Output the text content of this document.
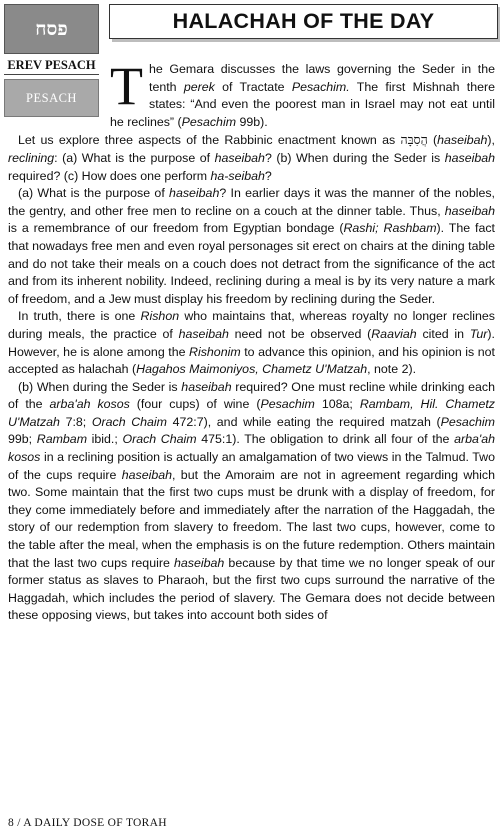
פסח	HALACHAH OF THE DAY
EREV PESACH
PESACH The Gemara discusses the laws governing the Seder in the tenth perek of Tractate Pesachim. The first Mishnah there states: “And even the poorest man in Israel may not eat until he reclines” (Pesachim 99b).

Let us explore three aspects of the Rabbinic enactment known as הֲסִבָּה (haseibah), reclining: (a) What is the purpose of haseibah? (b) When during the Seder is haseibah required? (c) How does one perform ha-seibah?

(a) What is the purpose of haseibah? In earlier days it was the manner of the nobles, the gentry, and other free men to recline on a couch at the dinner table. Thus, haseibah is a remembrance of our freedom from Egyptian bondage (Rashi; Rashbam). The fact that nowadays free men and even royal personages sit erect on chairs at the dining table and do not take their meals on a couch does not detract from the significance of the act and from its inherent nobility. Indeed, reclining during a meal is by its very nature a mark of freedom, and a Jew must display his freedom by reclining during the Seder.

In truth, there is one Rishon who maintains that, whereas royalty no longer reclines during meals, the practice of haseibah need not be observed (Raaviah cited in Tur). However, he is alone among the Rishonim to advance this opinion, and his opinion is not accepted as halachah (Hagahos Maimoniyos, Chametz U'Matzah, note 2).

(b) When during the Seder is haseibah required? One must recline while drinking each of the arba'ah kosos (four cups) of wine (Pesachim 108a; Rambam, Hil. Chametz U'Matzah 7:8; Orach Chaim 472:7), and while eating the required matzah (Pesachim 99b; Rambam ibid.; Orach Chaim 475:1). The obligation to drink all four of the arba'ah kosos in a reclining position is actually an amalgamation of two views in the Talmud. Two of the cups require haseibah, but the Amoraim are not in agreement regarding which two. Some maintain that the first two cups must be drunk with a display of freedom, for they come immediately before and immediately after the narration of the Haggadah, the story of our redemption from slavery to freedom. The last two cups, however, come to the table after the meal, when the emphasis is on the future redemption. Others maintain that the last two cups require haseibah because by that time we no longer speak of our former status as slaves to Pharaoh, but the first two cups surround the narrative of the Haggadah, which includes the period of slavery. The Gemara does not decide between these opposing views, but takes into account both sides of

8 / A DAILY DOSE OF TORAH
